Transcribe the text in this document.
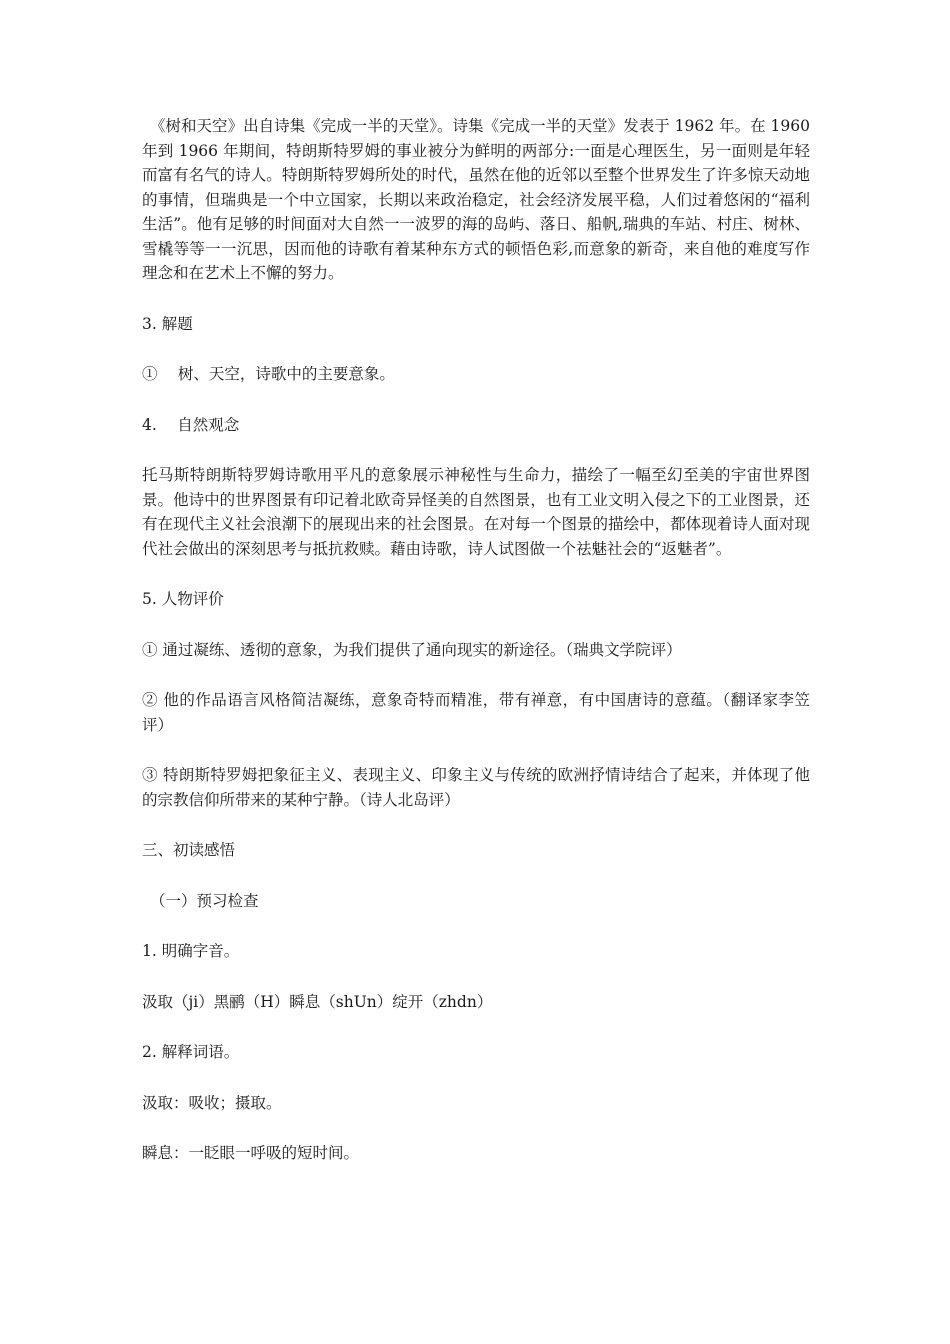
《树和天空》出自诗集《完成一半的天堂》。诗集《完成一半的天堂》发表于 1962 年。在 1960 年到 1966 年期间，特朗斯特罗姆的事业被分为鲜明的两部分:一面是心理医生，另一面则是年轻而富有名气的诗人。特朗斯特罗姆所处的时代，虽然在他的近邻以至整个世界发生了许多惊天动地的事情，但瑞典是一个中立国家，长期以来政治稳定，社会经济发展平稳，人们过着悠闲的“福利生活”。他有足够的时间面对大自然一一波罗的海的岛屿、落日、船帆,瑞典的车站、村庄、树林、雪橇等等一一沉思，因而他的诗歌有着某种东方式的顿悟色彩,而意象的新奇，来自他的难度写作理念和在艺术上不懈的努力。

3. 解题

①　 树、天空，诗歌中的主要意象。

4.　 自然观念

托马斯特朗斯特罗姆诗歌用平凡的意象展示神秘性与生命力，描绘了一幅至幻至美的宇宙世界图景。他诗中的世界图景有印记着北欧奇异怪美的自然图景，也有工业文明入侵之下的工业图景，还有在现代主义社会浪潮下的展现出来的社会图景。在对每一个图景的描绘中，都体现着诗人面对现代社会做出的深刻思考与抵抗救赎。藉由诗歌，诗人试图做一个祛魅社会的“返魅者”。

5. 人物评价

① 通过凝练、透彻的意象，为我们提供了通向现实的新途径。（瑞典文学院评）

② 他的作品语言风格简洁凝练，意象奇特而精准，带有禅意，有中国唐诗的意蕴。（翻译家李笠评）

③ 特朗斯特罗姆把象征主义、表现主义、印象主义与传统的欧洲抒情诗结合了起来，并体现了他的宗教信仰所带来的某种宁静。（诗人北岛评）

三、初读感悟

（一）预习检查

1. 明确字音。

汲取（ji）黑鹂（H）瞬息（shUn）绽开（zhdn）

2. 解释词语。

汲取：吸收；摄取。

瞬息：一眨眼一呼吸的短时间。
